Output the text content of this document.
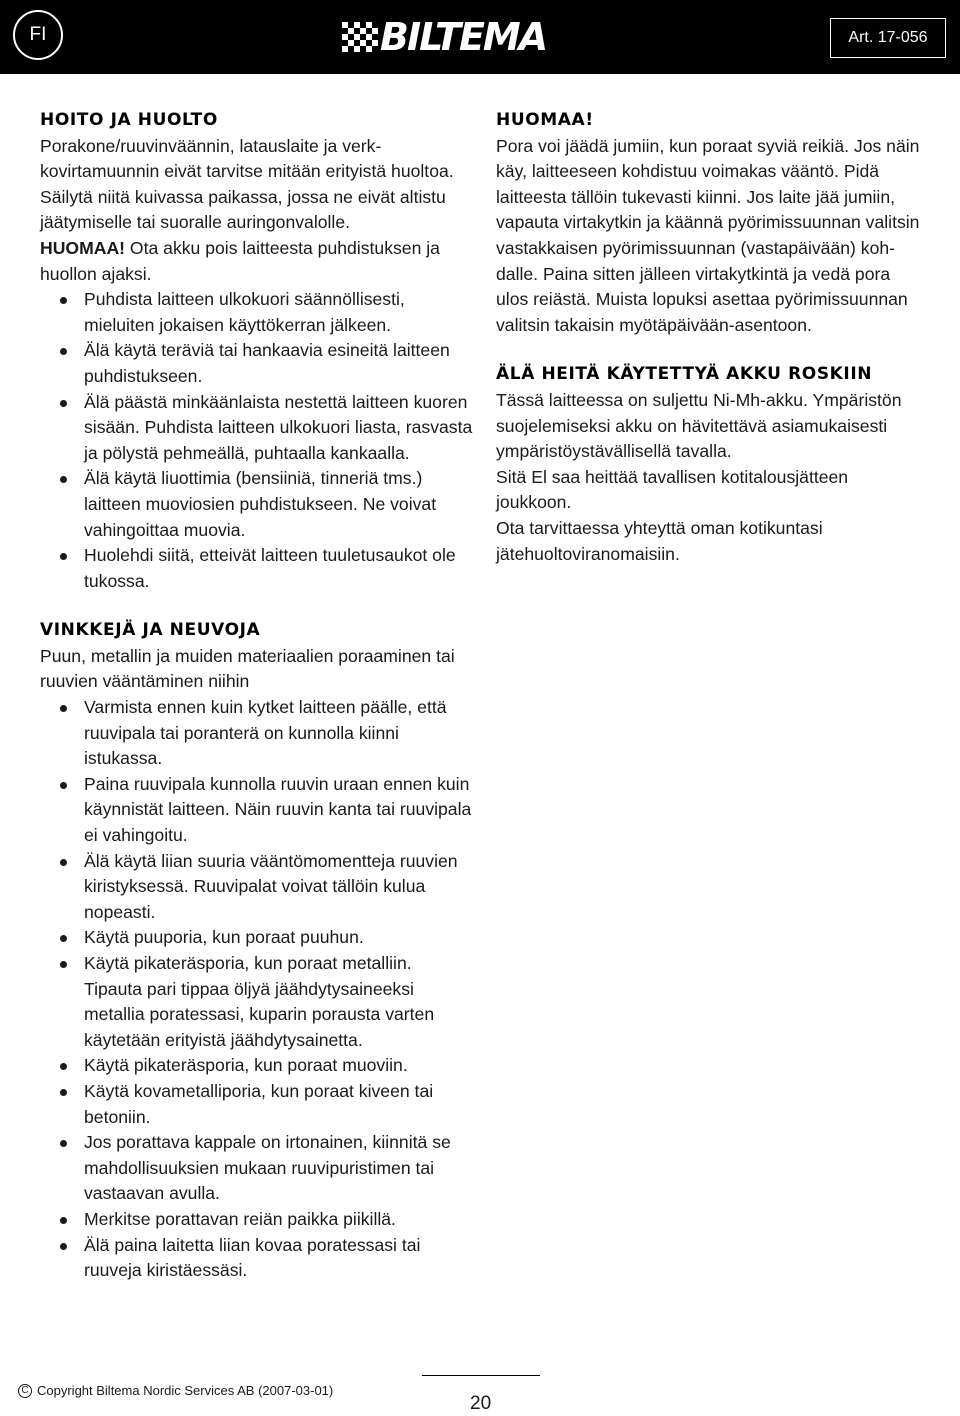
FI	BILTEMA	Art. 17-056
HOITO JA HUOLTO

Porakone/ruuvinväännin, latauslaite ja verkkovirtamuunnin eivät tarvitse mitään erityistä huoltoa. Säilytä niitä kuivassa paikassa, jossa ne eivät altistu jäätymiselle tai suoralle auringonvalolle.

HUOMAA! Ota akku pois laitteesta puhdistuksen ja huollon ajaksi.

Puhdista laitteen ulkokuori säännöllisesti, mieluiten jokaisen käyttökerran jälkeen.
Älä käytä teräviä tai hankaavia esineitä laitteen puhdistukseen.
Älä päästä minkäänlaista nestettä laitteen kuoren sisään. Puhdista laitteen ulkokuori liasta, rasvasta ja pölystä pehmeällä, puhtaalla kankaalla.
Älä käytä liuottimia (bensiiniä, tinneriä tms.) laitteen muoviosien puhdistukseen. Ne voivat vahingoittaa muovia.
Huolehdi siitä, etteivät laitteen tuuletusaukot ole tukossa.
VINKKEJÄ JA NEUVOJA

Puun, metallin ja muiden materiaalien poraaminen tai ruuvien vääntäminen niihin

Varmista ennen kuin kytket laitteen päälle, että ruuvipala tai poranterä on kunnolla kiinni istukassa.
Paina ruuvipala kunnolla ruuvin uraan ennen kuin käynnistät laitteen. Näin ruuvin kanta tai ruuvipala ei vahingoitu.
Älä käytä liian suuria vääntömomentteja ruuvien kiristyksessä. Ruuvipalat voivat tällöin kulua nopeasti.
Käytä puuporia, kun poraat puuhun.
Käytä pikateräsporia, kun poraat metalliin. Tipauta pari tippaa öljyä jäähdytysaineeksi metallia poratessasi, kuparin porausta varten käytetään erityistä jäähdytysainetta.
Käytä pikateräsporia, kun poraat muoviin.
Käytä kovametalliporia, kun poraat kiveen tai betoniin.
Jos porattava kappale on irtonainen, kiinnitä se mahdollisuuksien mukaan ruuvipuristimen tai vastaavan avulla.
Merkitse porattavan reiän paikka piikillä.
Älä paina laitetta liian kovaa poratessasi tai ruuveja kiristäessäsi.
HUOMAA!

Pora voi jäädä jumiin, kun poraat syviä reikiä. Jos näin käy, laitteeseen kohdistuu voimakas vääntö. Pidä laitteesta tällöin tukevasti kiinni. Jos laite jää jumiin, vapauta virtakytkin ja käännä pyörimissuunnan valitsin vastakkaisen pyörimissuunnan (vastapäivään) kohdalle. Paina sitten jälleen virtakytkintä ja vedä pora ulos reiästä. Muista lopuksi asettaa pyörimissuunnan valitsin takaisin myötäpäivään-asentoon.

ÄLÄ HEITÄ KÄYTETTYÄ AKKU ROSKIIN

Tässä laitteessa on suljettu Ni-Mh-akku. Ympäristön suojelemiseksi akku on hävitettävä asiamukaisesti ympäristöystävällisellä tavalla.

Sitä El saa heittää tavallisen kotitalousjätteen joukkoon.

Ota tarvittaessa yhteyttä oman kotikuntasi jätehuoltoviranomaisiin.

C Copyright Biltema Nordic Services AB (2007-03-01)
20
